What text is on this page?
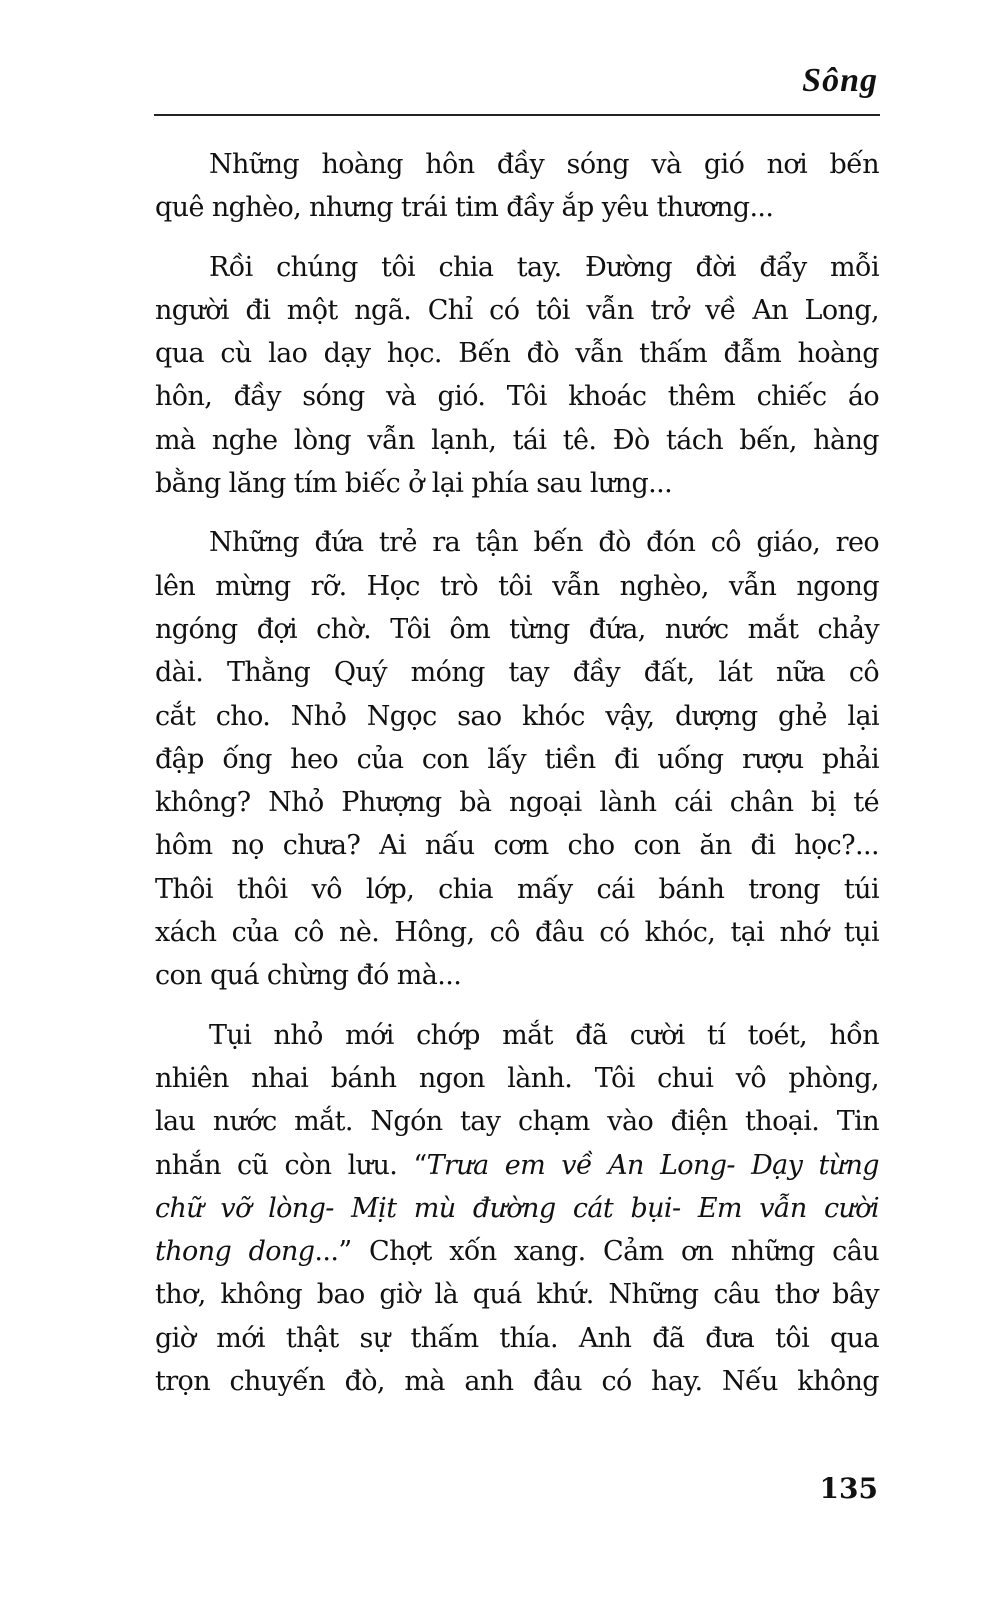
Sông
Những hoàng hôn đầy sóng và gió nơi bến
quê nghèo, nhưng trái tim đầy ắp yêu thương...
Rồi chúng tôi chia tay. Đường đời đẩy mỗi
người đi một ngã. Chỉ có tôi vẫn trở về An Long,
qua cù lao dạy học. Bến đò vẫn thấm đẫm hoàng
hôn, đầy sóng và gió. Tôi khoác thêm chiếc áo
mà nghe lòng vẫn lạnh, tái tê. Đò tách bến, hàng
bằng lăng tím biếc ở lại phía sau lưng...
Những đứa trẻ ra tận bến đò đón cô giáo, reo
lên mừng rỡ. Học trò tôi vẫn nghèo, vẫn ngong
ngóng đợi chờ. Tôi ôm từng đứa, nước mắt chảy
dài. Thằng Quý móng tay đầy đất, lát nữa cô
cắt cho. Nhỏ Ngọc sao khóc vậy, dượng ghẻ lại
đập ống heo của con lấy tiền đi uống rượu phải
không? Nhỏ Phượng bà ngoại lành cái chân bị té
hôm nọ chưa? Ai nấu cơm cho con ăn đi học?...
Thôi thôi vô lớp, chia mấy cái bánh trong túi
xách của cô nè. Hông, cô đâu có khóc, tại nhớ tụi
con quá chừng đó mà...
Tụi nhỏ mới chớp mắt đã cười tí toét, hồn
nhiên nhai bánh ngon lành. Tôi chui vô phòng,
lau nước mắt. Ngón tay chạm vào điện thoại. Tin
nhắn cũ còn lưu. “Trưa em về An Long- Dạy từng
chữ vỡ lòng- Mịt mù đường cát bụi- Em vẫn cười
thong dong...” Chợt xốn xang. Cảm ơn những câu
thơ, không bao giờ là quá khứ. Những câu thơ bây
giờ mới thật sự thấm thía. Anh đã đưa tôi qua
trọn chuyến đò, mà anh đâu có hay. Nếu không
135
